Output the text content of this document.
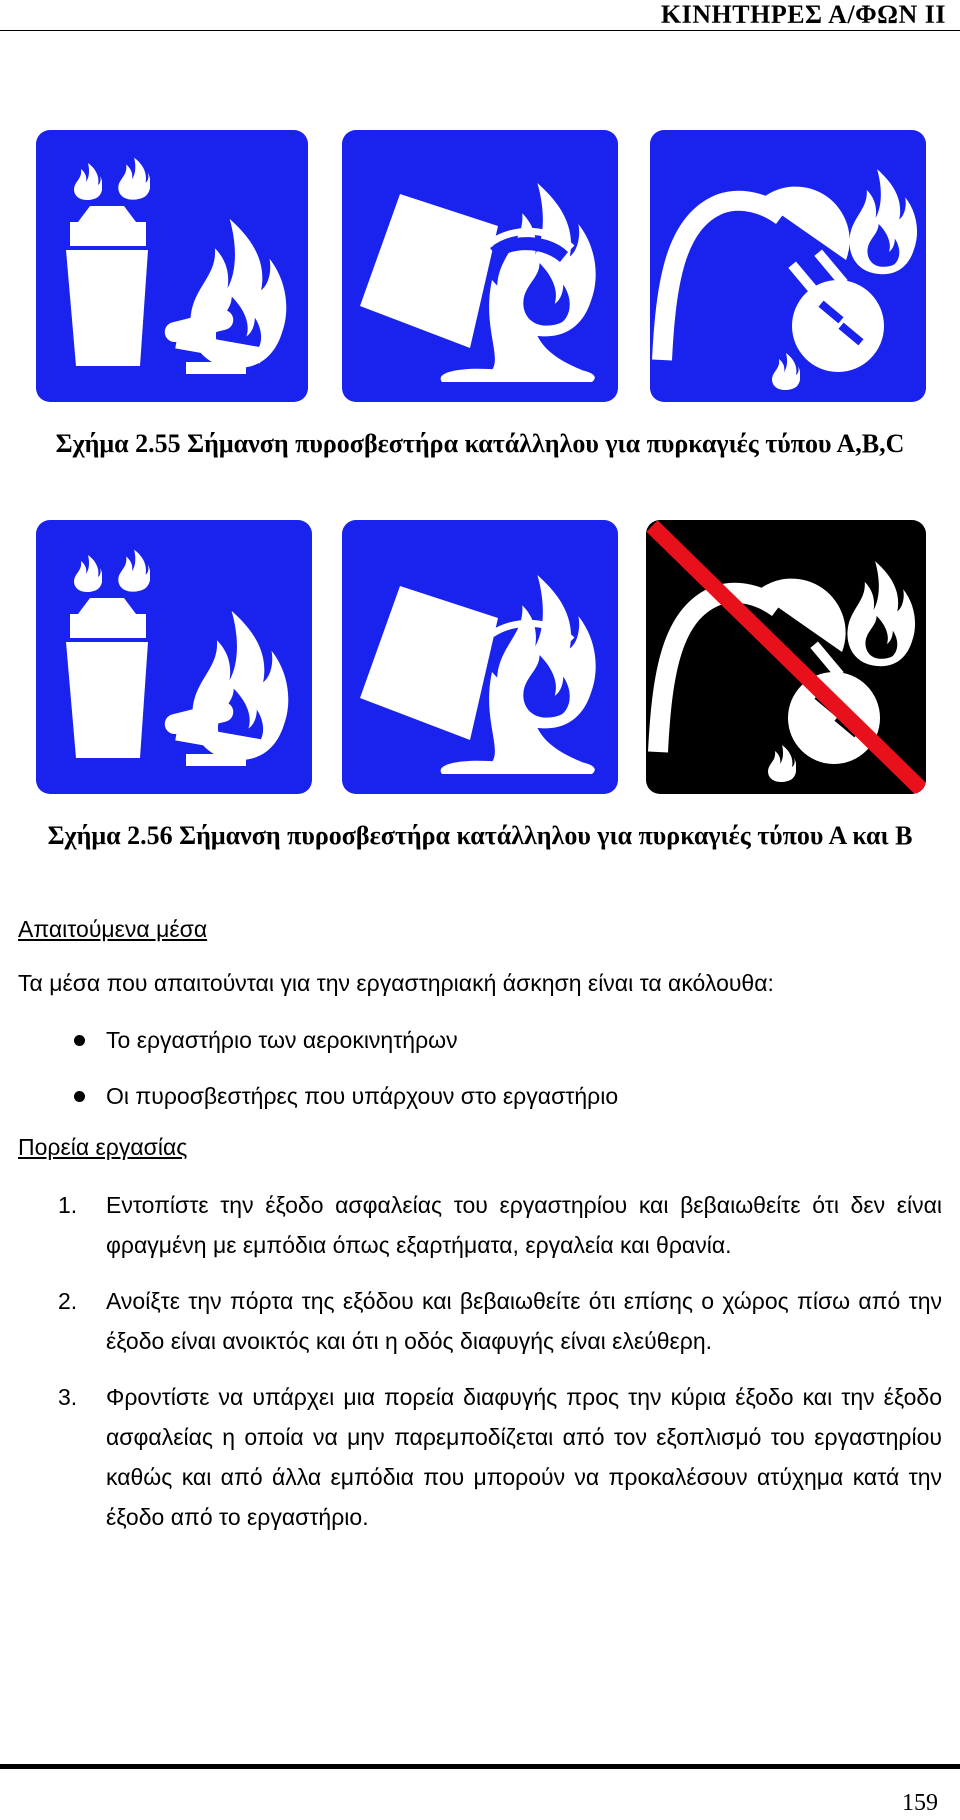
ΚΙΝΗΤΗΡΕΣ Α/ΦΩΝ ΙΙ
Σχήμα 2.55 Σήμανση πυροσβεστήρα κατάλληλου για πυρκαγιές τύπου Α,Β,C
Σχήμα 2.56 Σήμανση πυροσβεστήρα κατάλληλου για πυρκαγιές τύπου Α και Β
Απαιτούμενα μέσα
Τα μέσα που απαιτούνται για την εργαστηριακή άσκηση είναι τα ακόλουθα:
Το εργαστήριο των αεροκινητήρων
Οι πυροσβεστήρες που υπάρχουν στο εργαστήριο
Πορεία εργασίας
1. Εντοπίστε την έξοδο ασφαλείας του εργαστηρίου και βεβαιωθείτε ότι δεν είναι φραγμένη με εμπόδια όπως εξαρτήματα, εργαλεία και θρανία.
2. Ανοίξτε την πόρτα της εξόδου και βεβαιωθείτε ότι επίσης ο χώρος πίσω από την έξοδο είναι ανοικτός και ότι η οδός διαφυγής είναι ελεύθερη.
3. Φροντίστε να υπάρχει μια πορεία διαφυγής προς την κύρια έξοδο και την έξοδο ασφαλείας η οποία να μην παρεμποδίζεται από τον εξοπλισμό του εργαστηρίου καθώς και από άλλα εμπόδια που μπορούν να προκαλέσουν ατύχημα κατά την έξοδο από το εργαστήριο.
159
